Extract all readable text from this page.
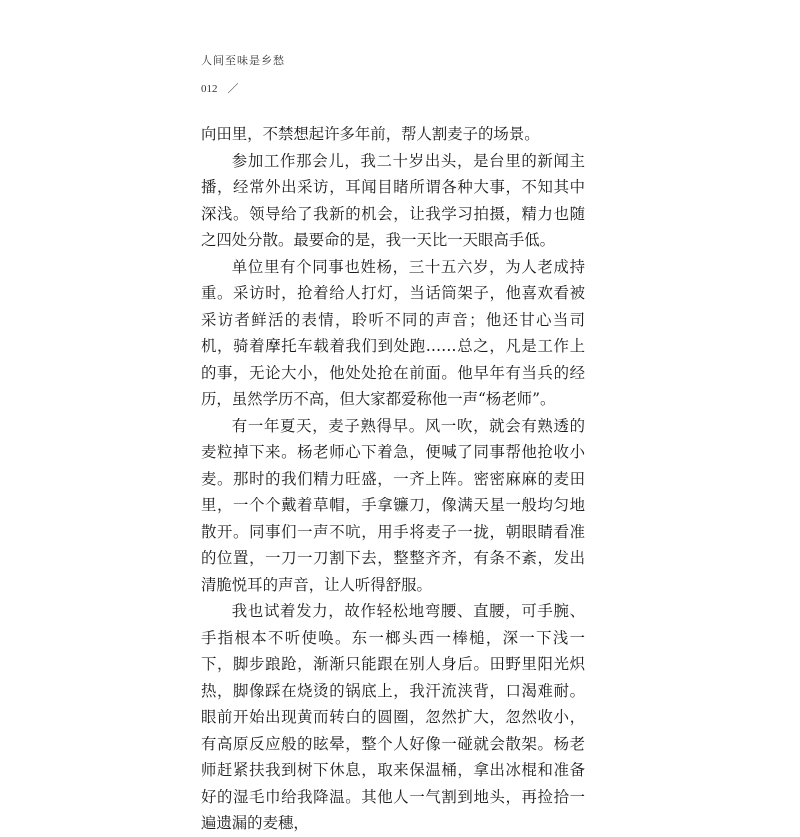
人间至味是乡愁
012 ／

向田里，不禁想起许多年前，帮人割麦子的场景。

参加工作那会儿，我二十岁出头，是台里的新闻主播，经常外出采访，耳闻目睹所谓各种大事，不知其中深浅。领导给了我新的机会，让我学习拍摄，精力也随之四处分散。最要命的是，我一天比一天眼高手低。

单位里有个同事也姓杨，三十五六岁，为人老成持重。采访时，抢着给人打灯，当话筒架子，他喜欢看被采访者鲜活的表情，聆听不同的声音；他还甘心当司机，骑着摩托车载着我们到处跑……总之，凡是工作上的事，无论大小，他处处抢在前面。他早年有当兵的经历，虽然学历不高，但大家都爱称他一声“杨老师”。

有一年夏天，麦子熟得早。风一吹，就会有熟透的麦粒掉下来。杨老师心下着急，便喊了同事帮他抢收小麦。那时的我们精力旺盛，一齐上阵。密密麻麻的麦田里，一个个戴着草帽，手拿镰刀，像满天星一般均匀地散开。同事们一声不吭，用手将麦子一拢，朝眼睛看准的位置，一刀一刀割下去，整整齐齐，有条不紊，发出清脆悦耳的声音，让人听得舒服。

我也试着发力，故作轻松地弯腰、直腰，可手腕、手指根本不听使唤。东一榔头西一棒槌，深一下浅一下，脚步踉跄，渐渐只能跟在别人身后。田野里阳光炽热，脚像踩在烧烫的锅底上，我汗流浃背，口渴难耐。眼前开始出现黄而转白的圆圈，忽然扩大，忽然收小，有高原反应般的眩晕，整个人好像一碰就会散架。杨老师赶紧扶我到树下休息，取来保温桶，拿出冰棍和准备好的湿毛巾给我降温。其他人一气割到地头，再捡拾一遍遗漏的麦穗，
